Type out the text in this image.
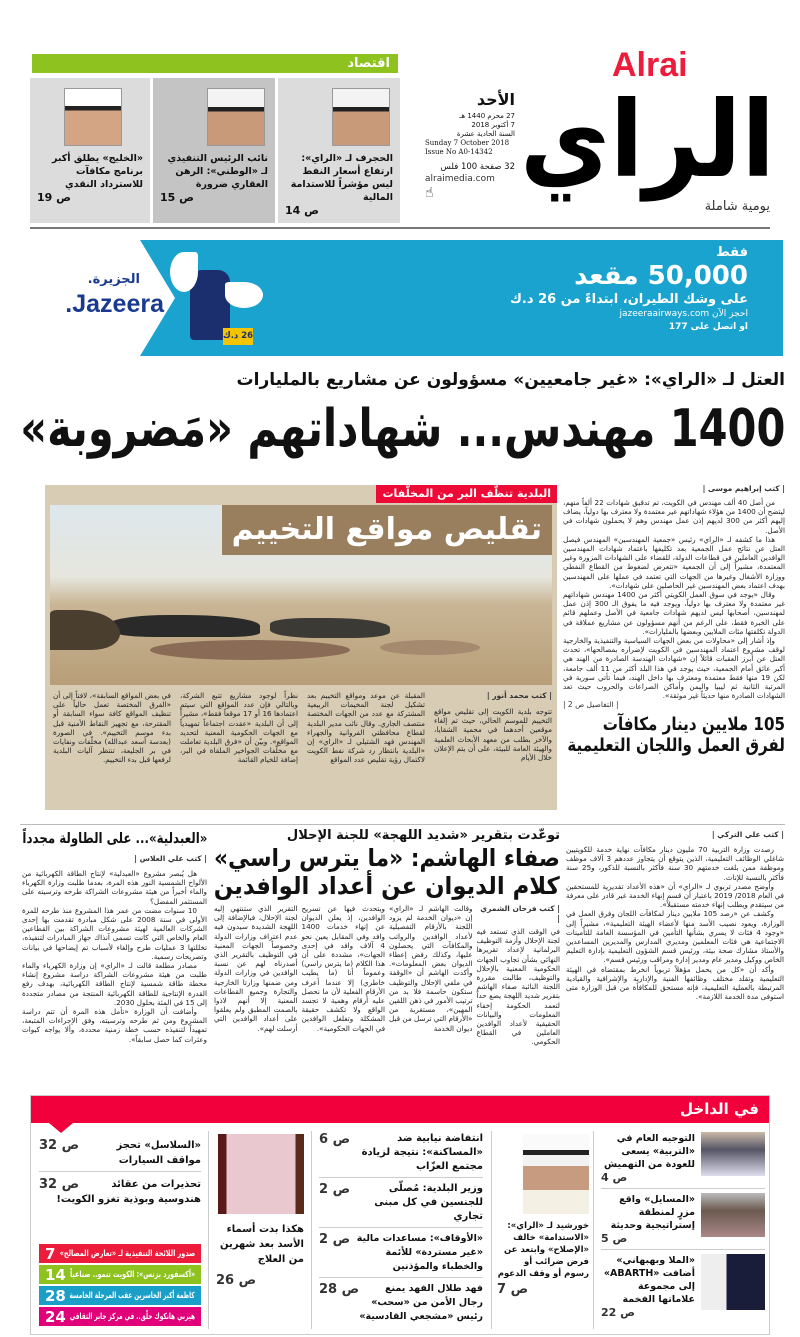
Alrai
الراي
يومية شاملة
الأحد
27 محرم 1440 هـ
7 أكتوبر 2018
السنة الحادية عشرة
Sunday 7 October 2018
Issue No A0-14342
32 صفحة 100 فلس
alraimedia.com
☝
اقتصاد
الحجرف لـ «الراي»: ارتفاع أسعار النفط ليس مؤشراً للاستدامة المالية
ص 14
نائب الرئيس التنفيذي لـ «الوطني»: الرهن العقاري ضرورة
ص 15
«الخليج» يطلق أكبر برنامج مكافآت للاسترداد النقدي
ص 19
الجزيرة.
Jazeera.
26 د.ك
فقط
50,000 مقعد
على وشك الطيران، ابتداءً من 26 د.ك
احجز الآن jazeeraairways.com
او اتصل على 177
العتل لـ «الراي»: «غير جامعيين» مسؤولون عن مشاريع بالمليارات
1400 مهندس... شهاداتهم «مَضروبة»
البلدية تنظّف البر من المخلّفات
تقليص مواقع التخييم
| كتب محمد أنور |
تتوجه بلدية الكويت إلى تقليص مواقع التخييم للموسم الحالي، حيث تم إلغاء موقعين أحدهما في محمية الشقايا، والآخر بطلب من معهد الأبحاث العلمية والهيئة العامة للبيئة، على أن يتم الإعلان خلال الأيام
المقبلة عن موعد ومواقع التخييم بعد تشكيل لجنة المخيمات الربيعية المشتركة مع عدد من الجهات المختصة منتصف الجاري. وقال نائب مدير البلدية لقطاع محافظتي الفروانية والجهراء المهندس فهد الشتيلي لـ «الراي» إن «البلدية بانتظار رد شركة نفط الكويت لاكتمال رؤية تقليص عدد المواقع
نظراً لوجود مشاريع تتبع الشركة، وبالتالي فإن عدد المواقع التي سيتم اعتمادها 16 أو 17 موقعاً فقط»، مشيراً إلى أن البلدية «عقدت اجتماعاً تمهيدياً مع الجهات الحكومية المعنية لتحديد المواقع». وبيّن أن «فرق البلدية تعاملت مع مخلّفات الجواخير الملقاة في البر، إضافة للخيام القائمة
في بعض المواقع السابقة»، لافتاً إلى أن «الفرق المختصة تعمل حالياً على تنظيف المواقع كافة سواء السابقة أو المقترحة، مع تجهيز النقاط الأمنية قبل بدء موسم التخييم». في الصورة (بعدسة أسعد عبدالله) مخلّفات ونفايات في بر الجليعة، تنتظر آليات البلدية لرفعها قبل بدء التخييم.
| كتب إبراهيم موسى |

من أصل 40 ألف مهندس في الكويت، تم تدقيق شهادات 22 ألفاً منهم، ليتضح أن 1400 من هؤلاء شهاداتهم غير معتمدة ولا معترف بها دولياً، يضاف إليهم أكثر من 300 لديهم إذن عمل مهندس وهم لا يحملون شهادات في الأصل.

هذا ما كشفه لـ «الراي» رئيس «جمعية المهندسين» المهندس فيصل العتل عن نتائج عمل الجمعية بعد تكليفها باعتماد شهادات المهندسين الوافدين العاملين في قطاعات الدولة، للقضاء على الشهادات المزورة وغير المعتمدة، مشيراً إلى أن الجمعية «تتعرض لضغوط من القطاع النفطي ووزارة الأشغال وغيرها من الجهات التي تعتمد في عملها على المهندسين بهدف اعتماد بعض المهندسين غير الحاصلين على شهادات».

وقال «يوجد في سوق العمل الكويتي أكثر من 1400 مهندس شهاداتهم غير معتمدة ولا معترف بها دولياً، ويوجد فيه ما يفوق الـ 300 إذن عمل لمهندسين، أصحابها ليس لديهم شهادات جامعية في الأصل وعملهم قائم على الخبرة فقط، على الرغم من أنهم مسؤولون عن مشاريع عملاقة في الدولة تكلفتها مئات الملايين وبعضها بالمليارات».

وإذ أشار إلى «محاولات من بعض الجهات السياسية والتنفيذية والخارجية لوقف مشروع اعتماد المهندسين في الكويت لإضراره بمصالحها»، تحدث العتل عن أبرز العقبات قائلاً إن «شهادات الهندسة الصادرة من الهند هي أكبر عائق أمام الجمعية، حيث يوجد في هذا البلد أكثر من 11 ألف جامعة، لكن 19 منها فقط معتمدة ومعترف بها داخل الهند، فيما تأتي سورية في المرتبة الثانية ثم ليبيا واليمن وأماكن الصراعات والحروب حيث تعد الشهادات الصادرة منها حديثاً غير موثقة».

| التفاصيل ص 2 |
105 ملايين دينار مكافآت لفرق العمل واللجان التعليمية
| كتب علي التركي |

رصدت وزارة التربية 70 مليون دينار مكافآت نهاية خدمة للكويتيين شاغلي الوظائف التعليمية، الذين يتوقع أن يتجاوز عددهم 3 آلاف موظف وموظفة ممن بلغت خدمتهم 30 سنة فأكثر بالنسبة للذكور، و25 سنة فأكثر بالنسبة للإناث.

وأوضح مصدر تربوي لـ «الراي» أن «هذه الأعداد تقديرية للمستحقين في العام 2018/ 2019 باعتبار أن قسم إنهاء الخدمة غير قادر على معرفة من سيتقدم ويطلب إنهاء خدمته مستقبلاً».

وكشف عن «رصد 105 ملايين دينار لمكافآت اللجان وفرق العمل في الوزارة، ويعود نصيب الأسد منها لأعضاء الهيئة التعليمية»، مشيراً إلى «وجود 4 فئات لا يسري بشأنها التأمين في المؤسسة العامة للتأمينات الاجتماعية هي فئات المعلمين ومديري المدارس والمديرين المساعدين والأستاذ مشارك صحة بيئة، ورئيس قسم الشؤون التعليمية بإدارة التعليم الخاص ووكيل ومدير عام ومدير إدارة ومراقب ورئيس قسم».

وأكد أن «كل من يحمل مؤهلاً تربوياً انخرط بمقتضاه في الهيئة التعليمية وتقلد مختلف وظائفها الفنية والإدارية والإشرافية والقيادية المرتبطة بالعملية التعليمية، فإنه مستحق للمكافأة من قبل الوزارة متى استوفى مدة الخدمة اللازمة».

توعّدت بتقرير «شديد اللهجة» للجنة الإحلال
صفاء الهاشم: «ما يترس راسي»
كلام الديوان عن أعداد الوافدين
| كتب فرحان الشمري |
في الوقت الذي تستعد فيه لجنة الإحلال وأزمة التوظيف البرلمانية لإعداد تقريرها النهائي بشأن تجاوب الجهات الحكومية المعنية بالإحلال والتوظيف، طالبت مقررة اللجنة النائبة صفاء الهاشم بتقرير شديد اللهجة يضع حداً لتعمد الحكومة إخفاء المعلومات والبيانات الحقيقية لأعداد الوافدين العاملين في القطاع الحكومي.
وقالت الهاشم لـ «الراي» إن «ديوان الخدمة لم يزود اللجنة بالأرقام التفصيلية لأعداد الوافدين والرواتب والمكافآت التي يحصلون عليها، وكذلك رفض إعطاء الديوان بعض المعلومات». وأكدت الهاشم أن «الوقفة في ملفي الإحلال والتوظيف ستكون حاسمة فلا بد من ترتيب الأمور في ذهن اللقين المهين»، مستغربة من «الأرقام التي ترسل من قبل ديوان الخدمة
ويتحدث فيها عن تسريح الوافدين، إذ يعلن الديوان عن إنهاء خدمات 1400 وافد وفي المقابل يعين نحو 4 آلاف وافد في إحدى الجهات»، مشددة على أن هذا الكلام (ما يترس راسي) وعموماً أنا (ما يطيب خاطري) إلا عندما أعرف الأرقام الفعلية لأن ما نحصل عليه أرقام وهمية لا تجسد الواقع ولا تكشف حقيقة المشكلة وتغلغل الوافدين في الجهات الحكومية».
التقرير الذي ستنتهي إليه لجنة الإحلال، فبالإضافة إلى اللهجة الشديدة سيدون فيه عدم اعتراف وزارات الدولة وخصوصاً الجهات المعنية في التوظيف بالتقرير الذي أصدرناه لهم عن نسبة الوافدين في وزارات الدولة ومن ضمنها وزارتا الخارجية والتجارة وجميع القطاعات المعنية إلا أنهم لاذوا بالصمت المطبق ولم يعلقوا على أعداد الوافدين التي أرسلت لهم».
«العبدلية»... على الطاولة مجدداً
| كتب علي العلاس |

هل يُبصر مشروع «العبدلية» لإنتاج الطاقة الكهربائية من الألواح الشمسية النور هذه المرة، بعدما طلبت وزارة الكهرباء والماء أخيراً من هيئة مشروعات الشراكة طرحه وترسيته على المستثمر المفضل؟

10 سنوات مضت من عمر هذا المشروع منذ طرحه للمرة الأولى في سنة 2008 على شكل مبادرة تقدمت بها إحدى الشركات العالمية لهيئة مشروعات الشراكة بين القطاعين العام والخاص التي كانت تسمى آنذاك جهاز المبادرات لتنفيذه، تخللتها 3 عمليات طرح وإلغاء لأسباب تم إيضاحها في بيانات وتصريحات رسمية.

مصادر مطلعة قالت لـ «الراي» إن وزارة الكهرباء والماء طلبت من هيئة مشروعات الشراكة دراسة مشروع إنشاء محطة طاقة شمسية لإنتاج الطاقة الكهربائية، بهدف رفع القدرة الإنتاجية للطاقة الكهربائية المنتجة من مصادر متجددة إلى 15 في المئة بحلول 2030.

وأضافت أن الوزارة «تأمل هذه المرة أن تتم دراسة المشروع ومن ثم طرحه وترسيته، وفق الإجراءات المتبعة، تمهيداً لتنفيذه حسب خطة زمنية محددة، وألا يواجه كبوات وعثرات كما حصل سابقاً».

في الداخل
التوجيه العام في «التربية» يسعى للعودة من التهميش
ص 4
«المسايل» واقع مزرٍ لمنطقة إستراتيجية وحديثة
ص 5
«الملا وبهبهاني» أضافت «ABARTH» إلى مجموعة علاماتها الفخمة
ص 22
خورشيد لـ «الراي»: «الاستدامة» خالف «الإصلاح» وابتعد عن فرض ضرائب أو رسوم أو وقف الدعوم
ص 7
ص 6	انتفاضة نيابية ضد «المساكنة»: نتيجة لزيادة مجتمع العزّاب
ص 2	وزير البلدية: مُصلّى للجنسين في كل مبنى تجاري
ص 2 «الأوقاف»: مساعدات مالية «غير مستردة» للأئمة والخطباء والمؤذنين
ص 28	فهد طلال الفهد يمنع رجال الأمن من «سحب» رئيس «مشجعي القادسية»
هكذا بدت أسماء الأسد بعد شهرين من العلاج
ص 26
ص 32	«السلاسل» تحجز مواقف السيارات
ص 32	تحذيرات من عقائد هندوسية وبوذية تغزو الكويت!
صدور اللائحة التنفيذية لـ «تعارض المصالح»
7
«أكسفورد بزنس»: الكويت تنمو.. صناعياً
14
كاظمة أكبر الخاسرين عقب المرحلة الخامسة
28
هيربي هانكوك حلّق.. في مركز جابر الثقافي
24
